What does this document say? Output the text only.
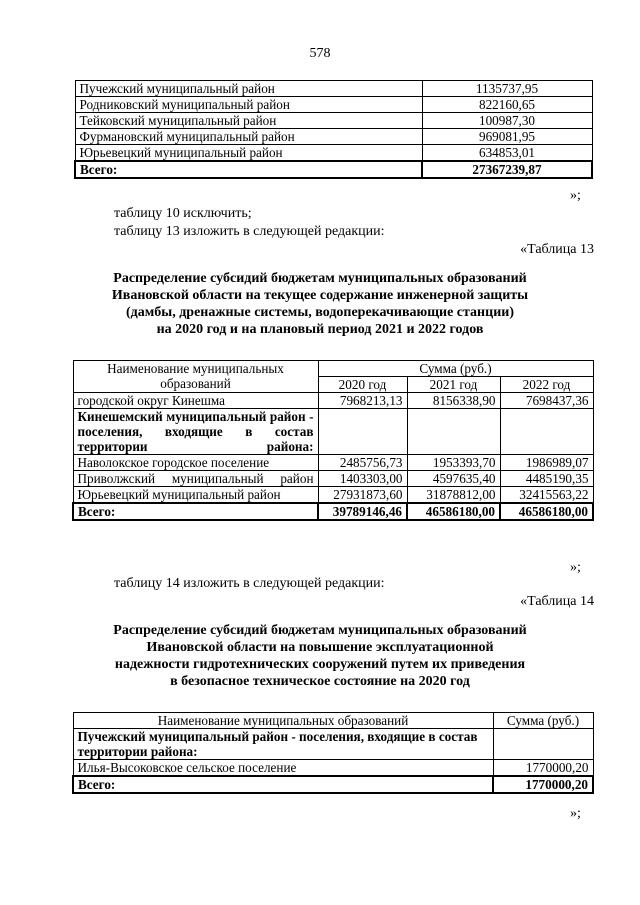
578
Пучежский муниципальный район	1135737,95
Родниковский муниципальный район	822160,65
Тейковский муниципальный район	100987,30
Фурмановский муниципальный район	969081,95
Юрьевецкий муниципальный район	634853,01
Всего:	27367239,87
»;
таблицу 10 исключить;
таблицу 13 изложить в следующей редакции:
«Таблица 13
Распределение субсидий бюджетам муниципальных образований
Ивановской области на текущее содержание инженерной защиты
(дамбы, дренажные системы, водоперекачивающие станции)
на 2020 год и на плановый период 2021 и 2022 годов
Наименование муниципальных образований	Сумма (руб.)		
	2020 год	2021 год	2022 год
городской округ Кинешма	7968213,13	8156338,90	7698437,36
Кинешемский муниципальный район - поселения, входящие в состав территории района:			
Наволокское городское поселение	2485756,73	1953393,70	1986989,07
Приволжский муниципальный район	1403303,00	4597635,40	4485190,35
Юрьевецкий муниципальный район	27931873,60	31878812,00	32415563,22
Всего:	39789146,46	46586180,00	46586180,00
»;
таблицу 14 изложить в следующей редакции:
«Таблица 14
Распределение субсидий бюджетам муниципальных образований
Ивановской области на повышение эксплуатационной
надежности гидротехнических сооружений путем их приведения
в безопасное техническое состояние на 2020 год
Наименование муниципальных образований	Сумма (руб.)
Пучежский муниципальный район - поселения, входящие в состав территории района:	
Илья-Высоковское сельское поселение	1770000,20
Всего:	1770000,20
»;
